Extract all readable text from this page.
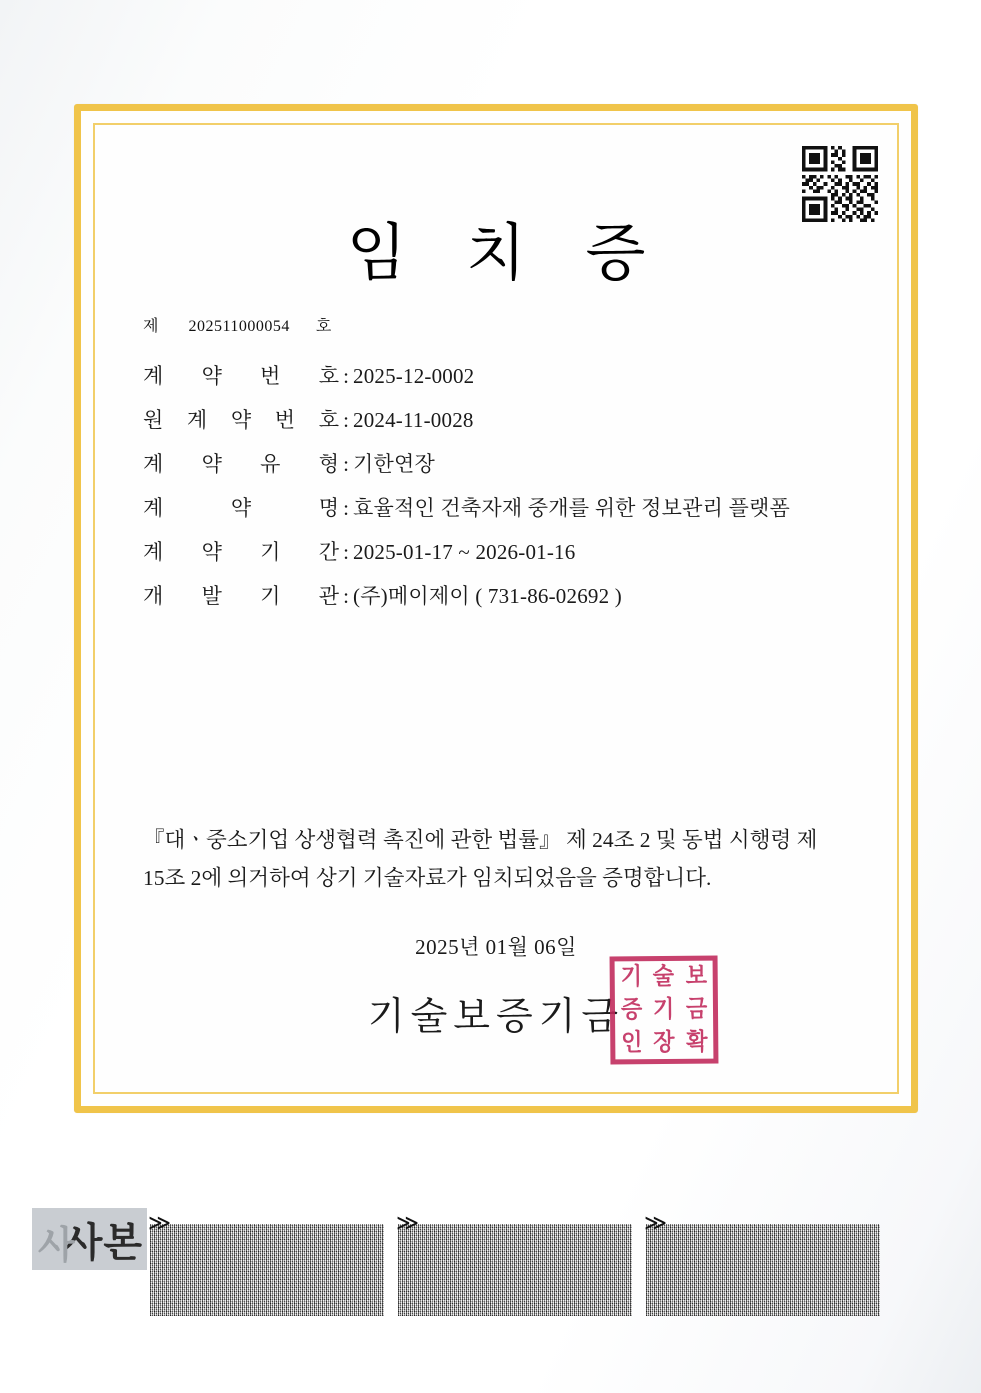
임 치 증
제 202511000054 호
계 약 번 호 : 2025-12-0002
원 계 약 번 호 : 2024-11-0028
계 약 유 형 : 기한연장
계	약	명 : 효율적인 건축자재 중개를 위한 정보관리 플랫폼
계 약 기 간 : 2025-01-17 ~ 2026-01-16
개 발 기 관 : (주)메이제이 ( 731-86-02692 )
『대ㆍ중소기업 상생협력 촉진에 관한 법률』 제 24조 2 및 동법 시행령 제 15조 2에 의거하여 상기 기술자료가 임치되었음을 증명합니다.
2025년 01월 06일
기술보증기금
기 술 보
증 기 금
인 장 확
사
사본 ≫	≫	≫
